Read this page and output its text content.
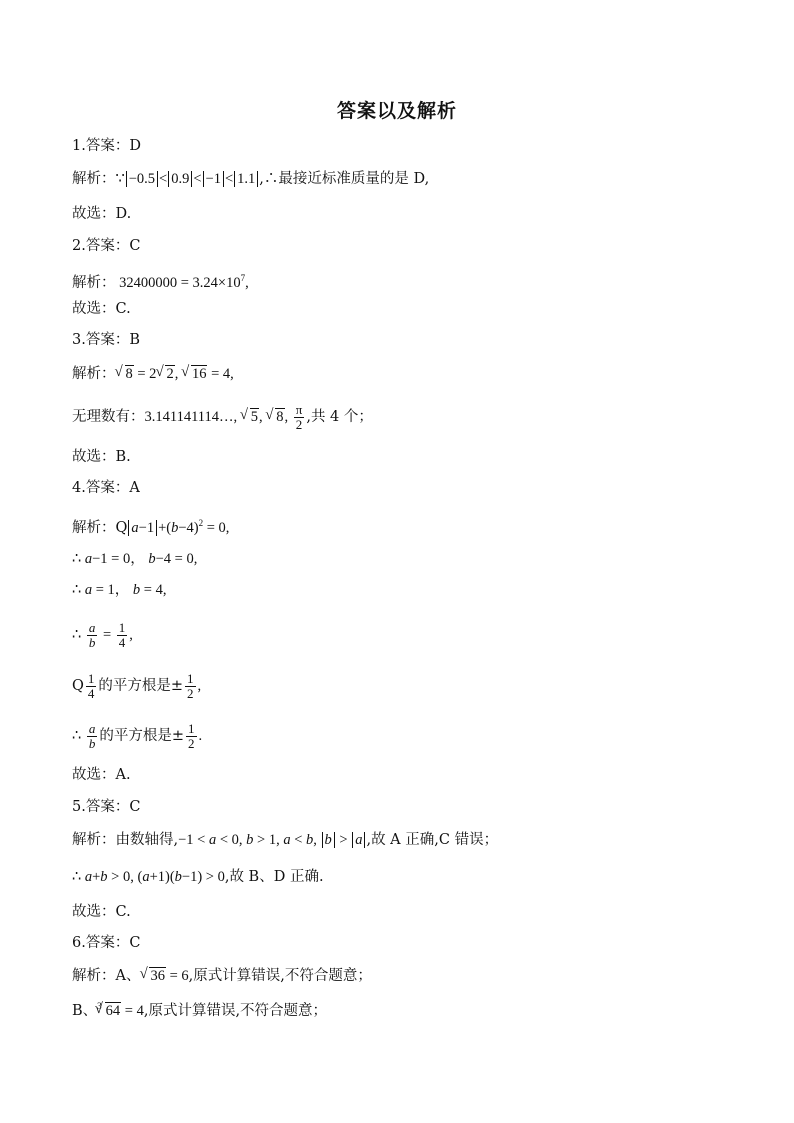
答案以及解析
1.答案：D
解析：∵ −0.5 < 0.9 < −1 < 1.1 ,∴最接近标准质量的是 D,
故选：D.
2.答案：C
解析： $32400000 = 3.24\times 10^7$,
故选：C.
3.答案：B
解析： √ 8 = 2 √ 2, √ 16 = 4,
无理数有：3.141141114…, √ 5, √ 8, $\frac{\pi}{2}$ ,共 4 个；
故选：B.
4.答案：A
解析：Q $a-1 +(b-4)^2 = 0$,
∴ a−1 = 0， b−4 = 0,
∴ a = 1， b = 4,
∴ $\frac{a}{b} = \frac{1}{4}$ ,
Q $\frac{1}{4}$ 的平方根是± $\frac{1}{2}$ ,
∴ $\frac{a}{b}$ 的平方根是± $\frac{1}{2}$ .
故选：A.
5.答案：C
解析：由数轴得,−1 < a < 0, b > 1, a < b, b > a ,故 A 正确,C 错误；
∴ a+b > 0, (a+1)(b−1) > 0,故 B、D 正确.
故选：C.
6.答案：C
解析：A、 √ 36 = 6,原式计算错误,不符合题意；
B、$^3$ √ 64 = 4,原式计算错误,不符合题意；
